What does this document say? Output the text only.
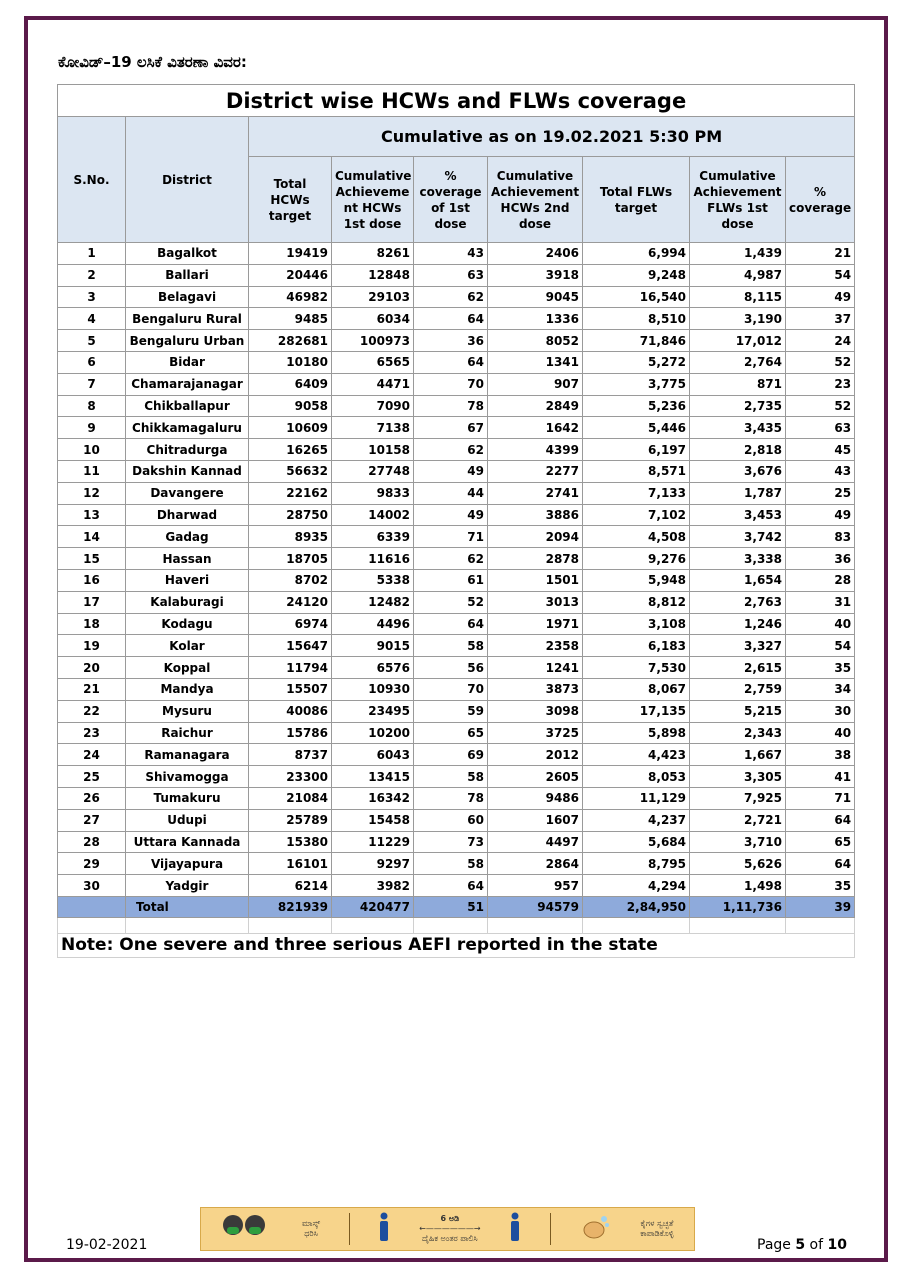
ಕೋವಿಡ್–19 ಲಸಿಕೆ ವಿತರಣಾ ವಿವರ:
District wise HCWs and FLWs coverage								
S.No.	District	Cumulative as on 19.02.2021 5:30 PM						
		Total
HCWs
target	Cumulative
Achieveme
nt HCWs
1st dose	%
coverage
of 1st
dose	Cumulative
Achievement
HCWs 2nd
dose	Total FLWs
target	Cumulative
Achievement
FLWs 1st
dose	%
coverage
1	Bagalkot	19419	8261	43	2406	6,994	1,439	21
2	Ballari	20446	12848	63	3918	9,248	4,987	54
3	Belagavi	46982	29103	62	9045	16,540	8,115	49
4	Bengaluru Rural	9485	6034	64	1336	8,510	3,190	37
5	Bengaluru Urban	282681	100973	36	8052	71,846	17,012	24
6	Bidar	10180	6565	64	1341	5,272	2,764	52
7	Chamarajanagar	6409	4471	70	907	3,775	871	23
8	Chikballapur	9058	7090	78	2849	5,236	2,735	52
9	Chikkamagaluru	10609	7138	67	1642	5,446	3,435	63
10	Chitradurga	16265	10158	62	4399	6,197	2,818	45
11	Dakshin Kannad	56632	27748	49	2277	8,571	3,676	43
12	Davangere	22162	9833	44	2741	7,133	1,787	25
13	Dharwad	28750	14002	49	3886	7,102	3,453	49
14	Gadag	8935	6339	71	2094	4,508	3,742	83
15	Hassan	18705	11616	62	2878	9,276	3,338	36
16	Haveri	8702	5338	61	1501	5,948	1,654	28
17	Kalaburagi	24120	12482	52	3013	8,812	2,763	31
18	Kodagu	6974	4496	64	1971	3,108	1,246	40
19	Kolar	15647	9015	58	2358	6,183	3,327	54
20	Koppal	11794	6576	56	1241	7,530	2,615	35
21	Mandya	15507	10930	70	3873	8,067	2,759	34
22	Mysuru	40086	23495	59	3098	17,135	5,215	30
23	Raichur	15786	10200	65	3725	5,898	2,343	40
24	Ramanagara	8737	6043	69	2012	4,423	1,667	38
25	Shivamogga	23300	13415	58	2605	8,053	3,305	41
26	Tumakuru	21084	16342	78	9486	11,129	7,925	71
27	Udupi	25789	15458	60	1607	4,237	2,721	64
28	Uttara Kannada	15380	11229	73	4497	5,684	3,710	65
29	Vijayapura	16101	9297	58	2864	8,795	5,626	64
30	Yadgir	6214	3982	64	957	4,294	1,498	35
	Total	821939	420477	51	94579	2,84,950	1,11,736	39

Note: One severe and three serious AEFI reported in the state								
19-02-2021
ಮಾಸ್ಕ್
ಧರಿಸಿ
6 ಅಡಿ
←——————→
ದೈಹಿಕ ಅಂತರ ಪಾಲಿಸಿ
ಕೈಗಳ ಸ್ವಚ್ಛತೆ
ಕಾಪಾಡಿಕೊಳ್ಳಿ
Page 5 of 10
